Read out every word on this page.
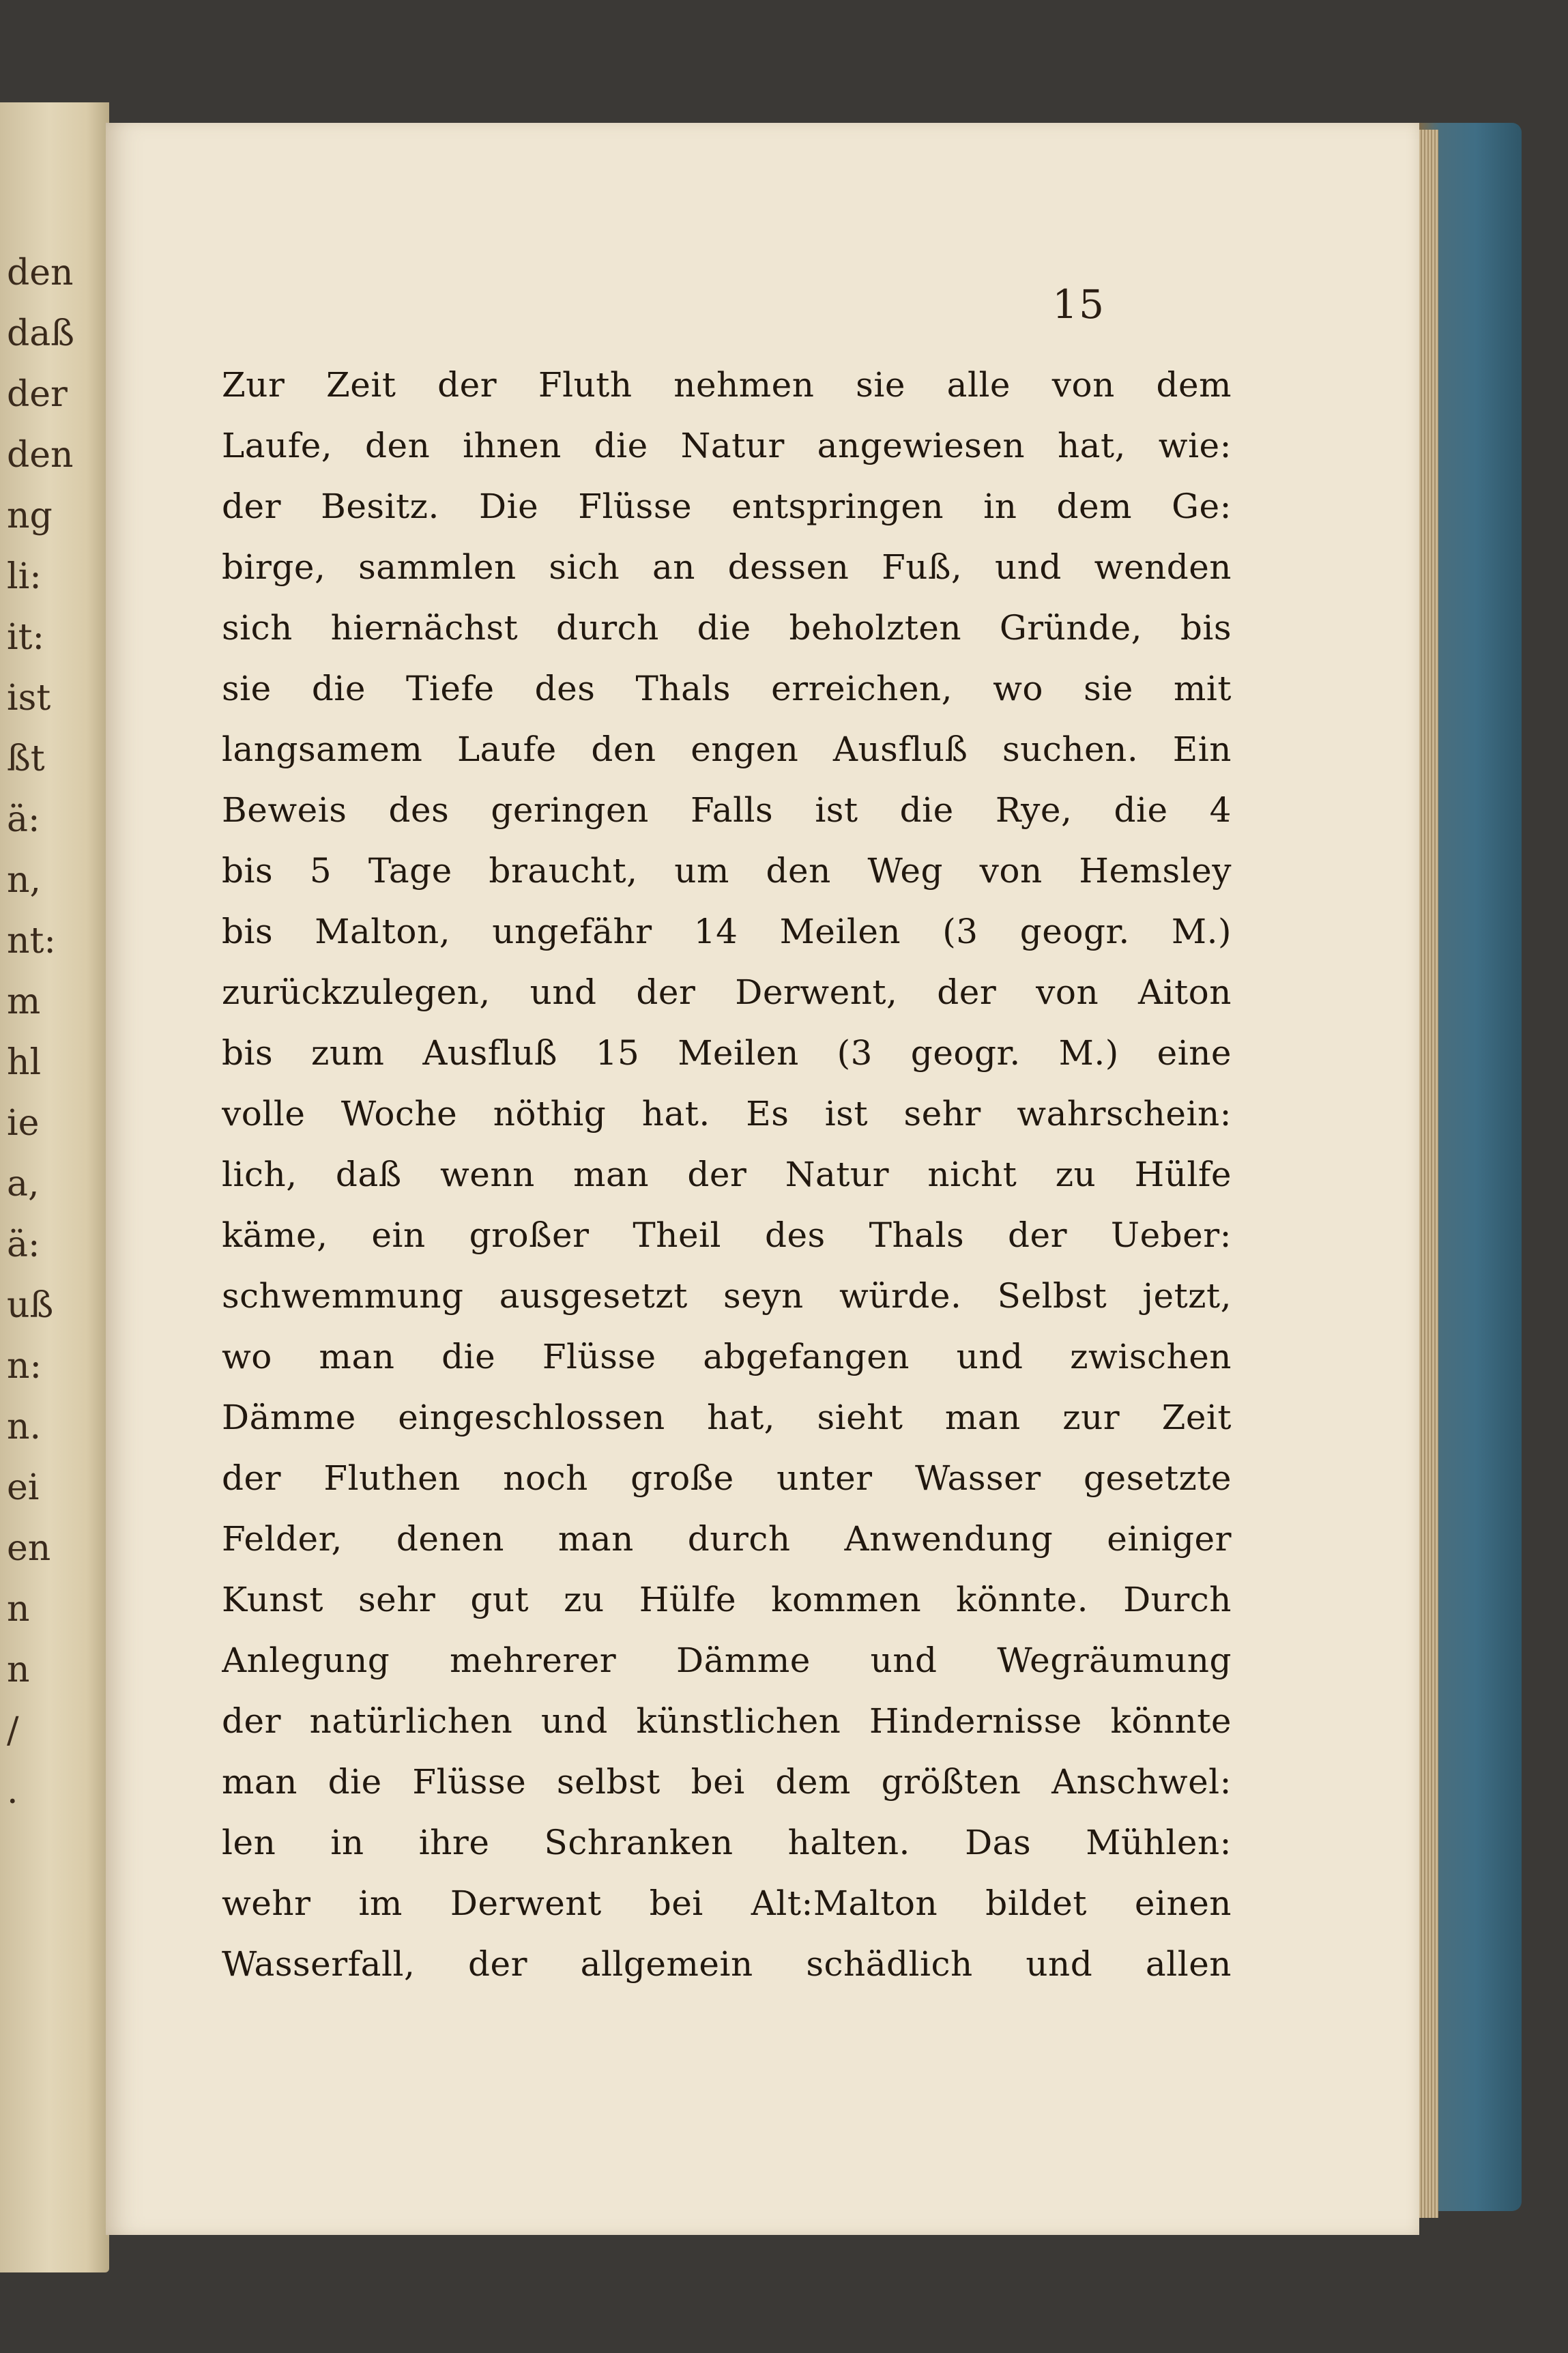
den
daß
der
den
ng
li:
it:
ist
ßt
ä:
n,
nt:
m
hl
ie
a,
ä:
uß
n:
n.
ei
en
n
n
/
.
15
Zur Zeit der Fluth nehmen sie alle von dem
Laufe, den ihnen die Natur angewiesen hat, wie:
der Besitz. Die Flüsse entspringen in dem Ge:
birge, sammlen sich an dessen Fuß, und wenden
sich hiernächst durch die beholzten Gründe, bis
sie die Tiefe des Thals erreichen, wo sie mit
langsamem Laufe den engen Ausfluß suchen. Ein
Beweis des geringen Falls ist die Rye, die 4
bis 5 Tage braucht, um den Weg von Hemsley
bis Malton, ungefähr 14 Meilen (3 geogr. M.)
zurückzulegen, und der Derwent, der von Aiton
bis zum Ausfluß 15 Meilen (3 geogr. M.) eine
volle Woche nöthig hat. Es ist sehr wahrschein:
lich, daß wenn man der Natur nicht zu Hülfe
käme, ein großer Theil des Thals der Ueber:
schwemmung ausgesetzt seyn würde. Selbst jetzt,
wo man die Flüsse abgefangen und zwischen
Dämme eingeschlossen hat, sieht man zur Zeit
der Fluthen noch große unter Wasser gesetzte
Felder, denen man durch Anwendung einiger
Kunst sehr gut zu Hülfe kommen könnte. Durch
Anlegung mehrerer Dämme und Wegräumung
der natürlichen und künstlichen Hindernisse könnte
man die Flüsse selbst bei dem größten Anschwel:
len in ihre Schranken halten. Das Mühlen:
wehr im Derwent bei Alt:Malton bildet einen
Wasserfall, der allgemein schädlich und allen
